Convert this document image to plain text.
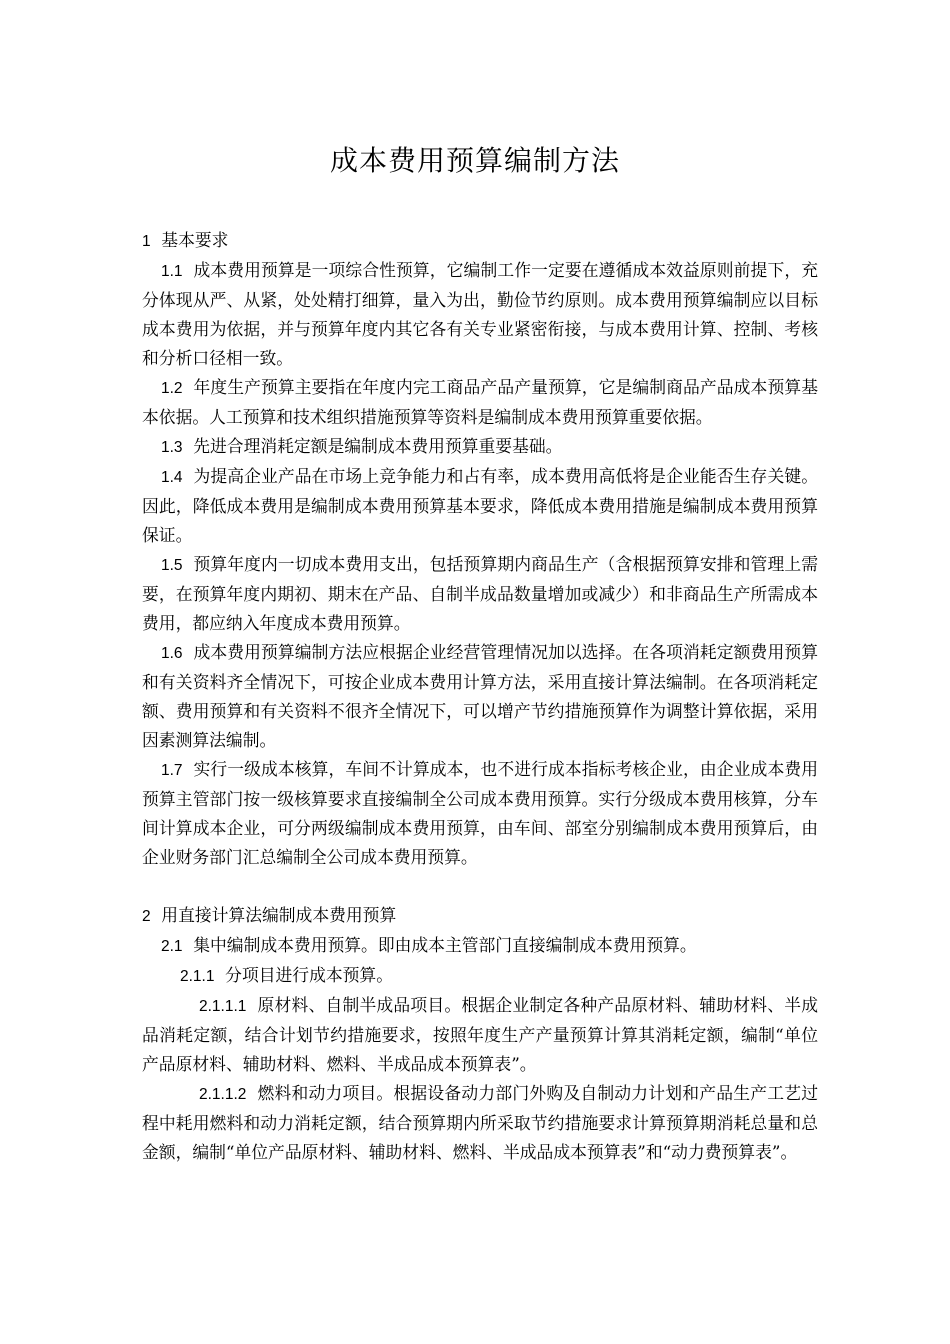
成本费用预算编制方法

1 基本要求

1.1 成本费用预算是一项综合性预算，它编制工作一定要在遵循成本效益原则前提下，充分体现从严、从紧，处处精打细算，量入为出，勤俭节约原则。成本费用预算编制应以目标成本费用为依据，并与预算年度内其它各有关专业紧密衔接，与成本费用计算、控制、考核和分析口径相一致。

1.2 年度生产预算主要指在年度内完工商品产品产量预算，它是编制商品产品成本预算基本依据。人工预算和技术组织措施预算等资料是编制成本费用预算重要依据。

1.3 先进合理消耗定额是编制成本费用预算重要基础。

1.4 为提高企业产品在市场上竞争能力和占有率，成本费用高低将是企业能否生存关键。因此，降低成本费用是编制成本费用预算基本要求，降低成本费用措施是编制成本费用预算保证。

1.5 预算年度内一切成本费用支出，包括预算期内商品生产（含根据预算安排和管理上需要，在预算年度内期初、期末在产品、自制半成品数量增加或减少）和非商品生产所需成本费用，都应纳入年度成本费用预算。

1.6 成本费用预算编制方法应根据企业经营管理情况加以选择。在各项消耗定额费用预算和有关资料齐全情况下，可按企业成本费用计算方法，采用直接计算法编制。在各项消耗定额、费用预算和有关资料不很齐全情况下，可以增产节约措施预算作为调整计算依据，采用因素测算法编制。

1.7 实行一级成本核算，车间不计算成本，也不进行成本指标考核企业，由企业成本费用预算主管部门按一级核算要求直接编制全公司成本费用预算。实行分级成本费用核算，分车间计算成本企业，可分两级编制成本费用预算，由车间、部室分别编制成本费用预算后，由企业财务部门汇总编制全公司成本费用预算。

2 用直接计算法编制成本费用预算

2.1 集中编制成本费用预算。即由成本主管部门直接编制成本费用预算。

2.1.1 分项目进行成本预算。

2.1.1.1 原材料、自制半成品项目。根据企业制定各种产品原材料、辅助材料、半成品消耗定额，结合计划节约措施要求，按照年度生产产量预算计算其消耗定额，编制“单位产品原材料、辅助材料、燃料、半成品成本预算表”。

2.1.1.2 燃料和动力项目。根据设备动力部门外购及自制动力计划和产品生产工艺过程中耗用燃料和动力消耗定额，结合预算期内所采取节约措施要求计算预算期消耗总量和总金额，编制“单位产品原材料、辅助材料、燃料、半成品成本预算表”和“动力费预算表”。
